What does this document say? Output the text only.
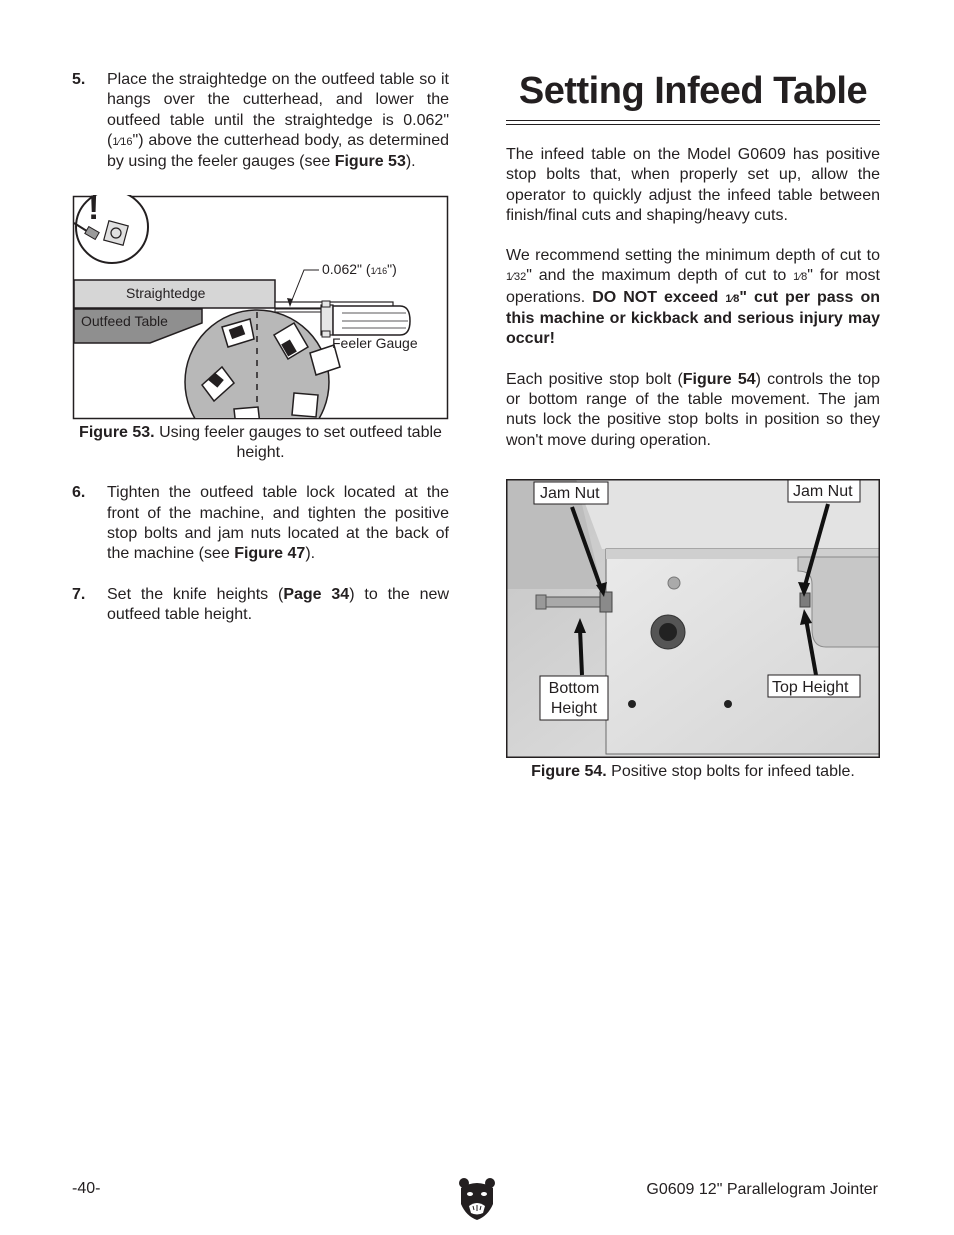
5.	Place the straightedge on the outfeed table so it hangs over the cutterhead, and lower the outfeed table until the straightedge is 0.062" (1⁄16") above the cutterhead body, as determined by using the feeler gauges (see Figure 53).
!
0.062" (1⁄16")
Straightedge
Outfeed Table
Feeler Gauge
Figure 53. Using feeler gauges to set outfeed table height.
6.	Tighten the outfeed table lock located at the front of the machine, and tighten the positive stop bolts and jam nuts located at the back of the machine (see Figure 47).
7.	Set the knife heights (Page 34) to the new outfeed table height.
Setting Infeed Table

The infeed table on the Model G0609 has positive stop bolts that, when properly set up, allow the operator to quickly adjust the infeed table between finish/final cuts and shaping/heavy cuts.

We recommend setting the minimum depth of cut to 1⁄32" and the maximum depth of cut to 1⁄8" for most operations. DO NOT exceed 1⁄8" cut per pass on this machine or kickback and serious injury may occur!

Each positive stop bolt (Figure 54) controls the top or bottom range of the table movement. The jam nuts lock the positive stop bolts in position so they won't move during operation.

Jam Nut	Jam Nut
Bottom
Height
Top Height
Figure 54. Positive stop bolts for infeed table.
-40-	G0609 12" Parallelogram Jointer
